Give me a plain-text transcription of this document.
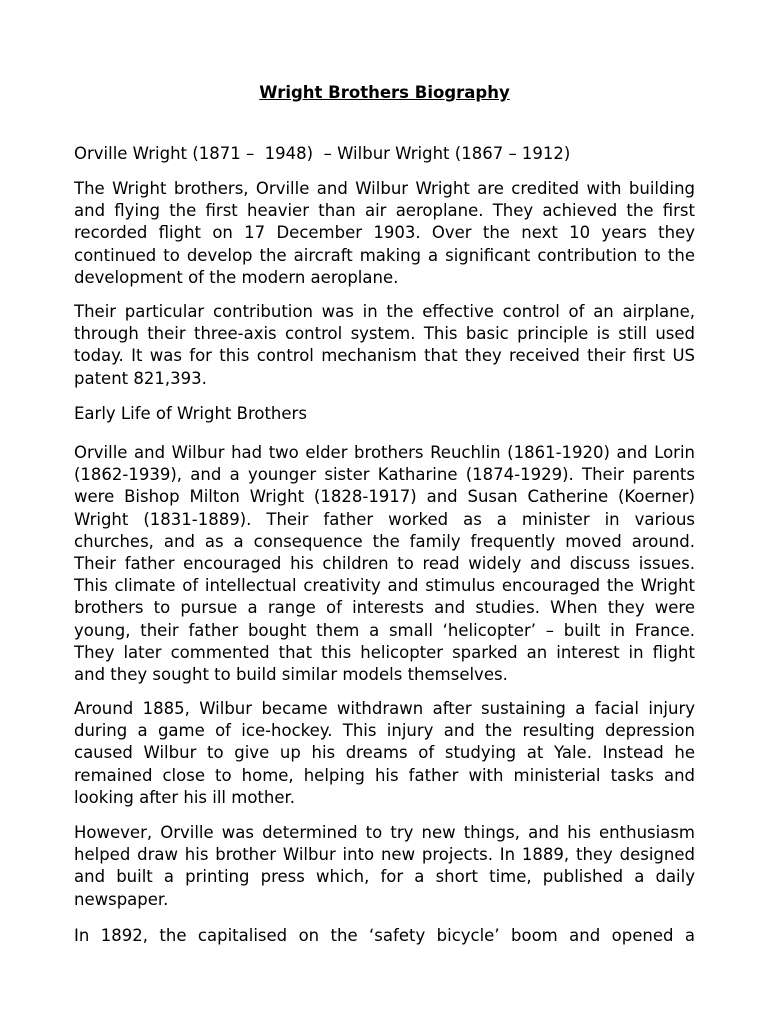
Wright Brothers Biography
Orville Wright (1871 –  1948)  – Wilbur Wright (1867 – 1912)
The Wright brothers, Orville and Wilbur Wright are credited with building
and flying the first heavier than air aeroplane. They achieved the first
recorded flight on 17 December 1903. Over the next 10 years they
continued to develop the aircraft making a significant contribution to the
development of the modern aeroplane.
Their particular contribution was in the effective control of an airplane,
through their three-axis control system. This basic principle is still used
today. It was for this control mechanism that they received their first US
patent 821,393.
Early Life of Wright Brothers
Orville and Wilbur had two elder brothers Reuchlin (1861-1920) and Lorin
(1862-1939), and a younger sister Katharine (1874-1929). Their parents
were Bishop Milton Wright (1828-1917) and Susan Catherine (Koerner)
Wright (1831-1889). Their father worked as a minister in various
churches, and as a consequence the family frequently moved around.
Their father encouraged his children to read widely and discuss issues.
This climate of intellectual creativity and stimulus encouraged the Wright
brothers to pursue a range of interests and studies. When they were
young, their father bought them a small ‘helicopter’ – built in France.
They later commented that this helicopter sparked an interest in flight
and they sought to build similar models themselves.
Around 1885, Wilbur became withdrawn after sustaining a facial injury
during a game of ice-hockey. This injury and the resulting depression
caused Wilbur to give up his dreams of studying at Yale. Instead he
remained close to home, helping his father with ministerial tasks and
looking after his ill mother.
However, Orville was determined to try new things, and his enthusiasm
helped draw his brother Wilbur into new projects. In 1889, they designed
and built a printing press which, for a short time, published a daily
newspaper.
In 1892, the capitalised on the ‘safety bicycle’ boom and opened a
